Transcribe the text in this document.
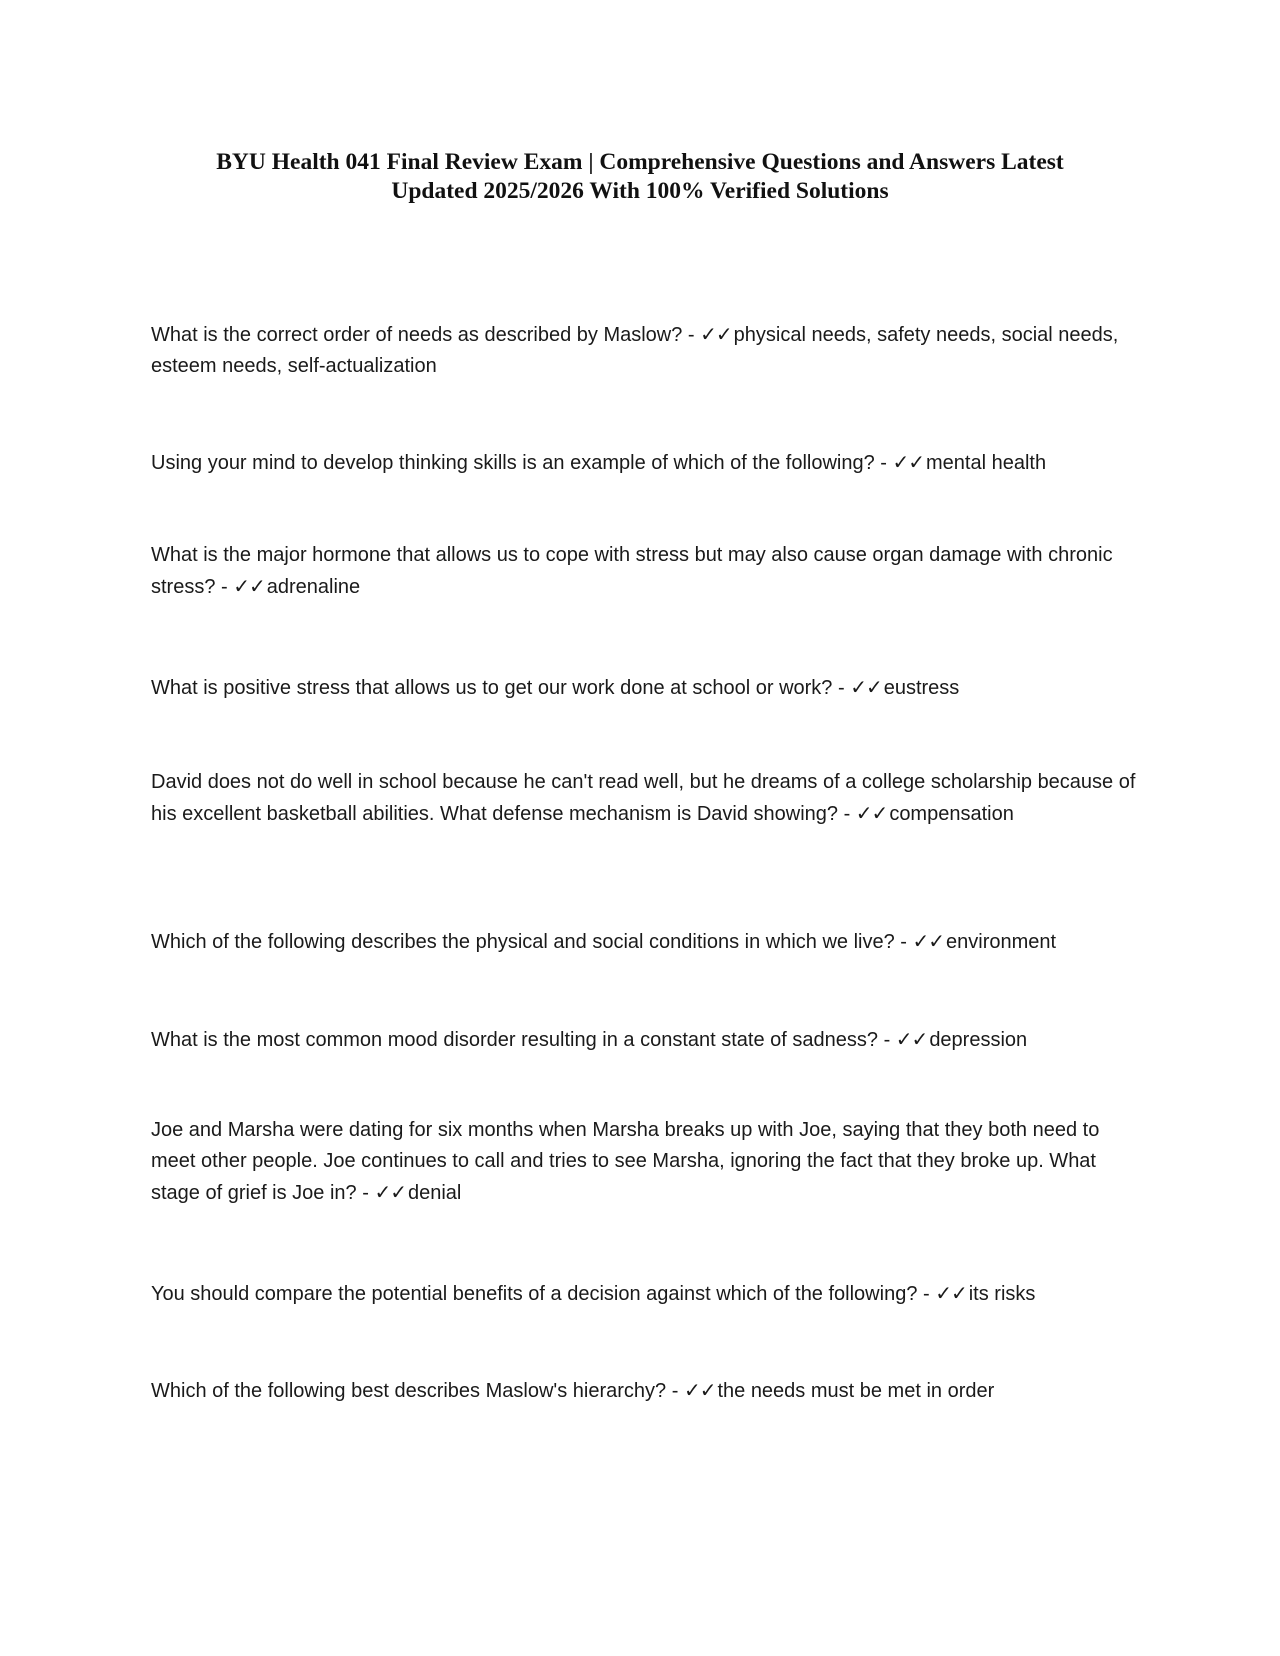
BYU Health 041 Final Review Exam | Comprehensive Questions and Answers Latest
Updated 2025/2026 With 100% Verified Solutions
What is the correct order of needs as described by Maslow? - ✓✓ physical needs, safety needs, social needs, esteem needs, self-actualization
Using your mind to develop thinking skills is an example of which of the following? - ✓✓ mental health
What is the major hormone that allows us to cope with stress but may also cause organ damage with chronic stress? - ✓✓ adrenaline
What is positive stress that allows us to get our work done at school or work? - ✓✓ eustress
David does not do well in school because he can't read well, but he dreams of a college scholarship because of his excellent basketball abilities. What defense mechanism is David showing? - ✓✓ compensation
Which of the following describes the physical and social conditions in which we live? - ✓✓ environment
What is the most common mood disorder resulting in a constant state of sadness? - ✓✓ depression
Joe and Marsha were dating for six months when Marsha breaks up with Joe, saying that they both need to meet other people. Joe continues to call and tries to see Marsha, ignoring the fact that they broke up. What stage of grief is Joe in? - ✓✓ denial
You should compare the potential benefits of a decision against which of the following? - ✓✓ its risks
Which of the following best describes Maslow's hierarchy? - ✓✓ the needs must be met in order
